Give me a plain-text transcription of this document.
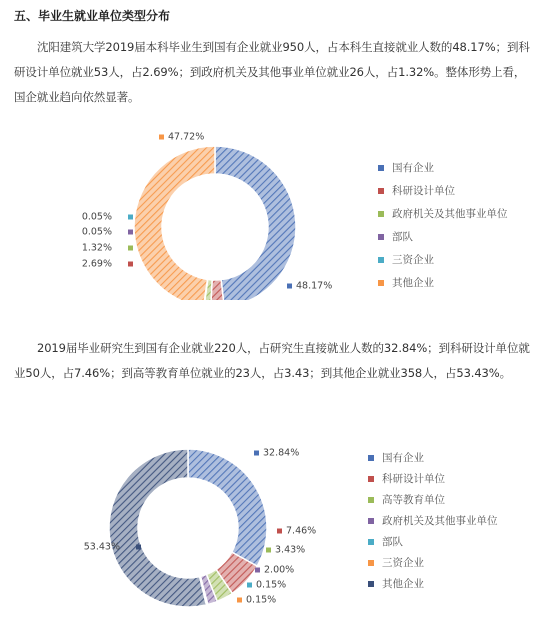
五、毕业生就业单位类型分布

沈阳建筑大学2019届本科毕业生到国有企业就业950人，占本科生直接就业人数的48.17%；到科研设计单位就业53人，占2.69%；到政府机关及其他事业单位就业26人，占1.32%。整体形势上看，国企就业趋向依然显著。

48.17%
2.69%
1.32%
0.05%
0.05%
47.72%
国有企业
科研设计单位
政府机关及其他事业单位
部队
三资企业
其他企业

2019届毕业研究生到国有企业就业220人，占研究生直接就业人数的32.84%；到科研设计单位就业50人，占7.46%；到高等教育单位就业的23人，占3.43；到其他企业就业358人，占53.43%。

32.84%
7.46%
3.43%
2.00%
0.15%
0.15%
53.43%
国有企业
科研设计单位
高等教育单位
政府机关及其他事业单位
部队
三资企业
其他企业
